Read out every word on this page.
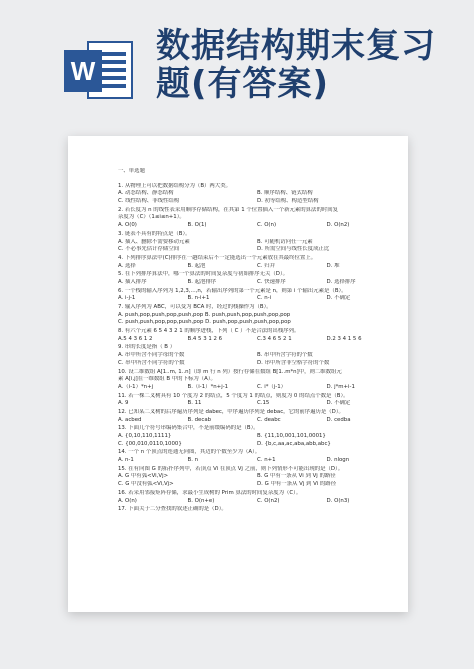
W
数据结构期末复习
题(有答案)
一、单选题
1. 从物理上可以把数据结构分为（B）两大类。
A. 动态结构、静态结构	B. 顺序结构、链式结构
C. 线性结构、非线性结构	D. 初等结构、构造型结构
2. 若长度为 n 的线性表采用顺序存储结构，在其第 1 个位置插入一个新元素的算法的时间复
杂度为（C）（1≤i≤n+1）。
A. O(0)	B. O(1)	C. O(n)	D. O(n2)
3. 链表不具有的特点是（B）。
A. 插入、删除不需要移动元素	B. 可随机访问任一元素
C. 不必事先估计存储空间	D. 所需空间与线性长度成正比
4. 下列排序算法中(C)排序在一趟结束后不一定能选出一个元素放在其最终位置上。
A. 选择	B. 起泡	C. 归并	D. 堆
5. 在下列排序算法中，哪一个算法的时间复杂度与初始排序无关（D）。
A. 插入排序	B. 起泡排序	C. 快速排序	D. 选择排序
6. 一个栈的输入序列为 1,2,3,...,n，若输出序列的第一个元素是 n，则第 i 个输出元素是（B）。
A. i-j-1	B. n-i+1	C. n-i	D. 不确定
7. 输入序列为 ABC，可以变为 BCA 时，经过的栈操作为（B）。
A. push,pop,push,pop,push,pop B. push,push,pop,push,pop,pop
C. push,push,pop,pop,push,pop D. push,pop,push,push,pop,pop
8. 有六个元素 6 5 4 3 2 1 的顺序进栈，下列（ C ）不是合法的出栈序列。
A.5 4 3 6 1 2	B.4 5 3 1 2 6	C.3 4 6 5 2 1	D.2 3 4 1 5 6
9. 串的长度是指（ B ）
A. 串中所含不同字母的个数	B. 串中所含字符的个数
C. 串中所含不同字符的个数	D. 串中所含非空格字符的个数
10. 设二维数组 A[1..m, 1..n]（即 m 行 n 列）按行存储在数组 B[1..m*n]中，则二维数组元
素 A[i,j]在一维数组 B 中的下标为（A）。
A.（i-1）*n+j	B.（i-1）*n+j-1	C. i*（j-1）	D. j*m+i-1
11. 若一棵二叉树具有 10 个度为 2 的结点，5 个度为 1 的结点，则度为 0 的结点个数是（B）。
A. 9	B. 11	C.15	D. 不确定
12. 已知某二叉树的后序遍历序列是 dabec，中序遍历序列是 debac，它的前序遍历是（D）。
A. acbed	B. decab	C. deabc	D. cedba
13. 下面几个符号串编码集合中，不是前缀编码的是（B）。
A. {0,10,110,1111}	B. {11,10,001,101,0001}
C. {00,010,0110,1000}	D. {b,c,aa,ac,aba,abb,abc}
14. 一个 n 个顶点的连通无向图，其边的个数至少为（A）。
A. n-1	B. n	C. n+1	D. nlogn
15. 在有向图 G 的拓扑序列中，若顶点 Vi 在顶点 Vj 之前，则下列情形不可能出现的是（D）。
A. G 中有弧<Vi,Vj>	B. G 中有一条从 Vi 到 Vj 的路径
C. G 中没有弧<Vi,Vj>	D. G 中有一条从 Vj 到 Vi 的路径
16. 若采用邻接矩阵存储，求最小生成树的 Prim 算法的时间复杂度为（C）。
A. O(n)	B. O(n+e)	C. O(n2)	D. O(n3)
17. 下面关于二分查找的叙述正确的是（D）。
